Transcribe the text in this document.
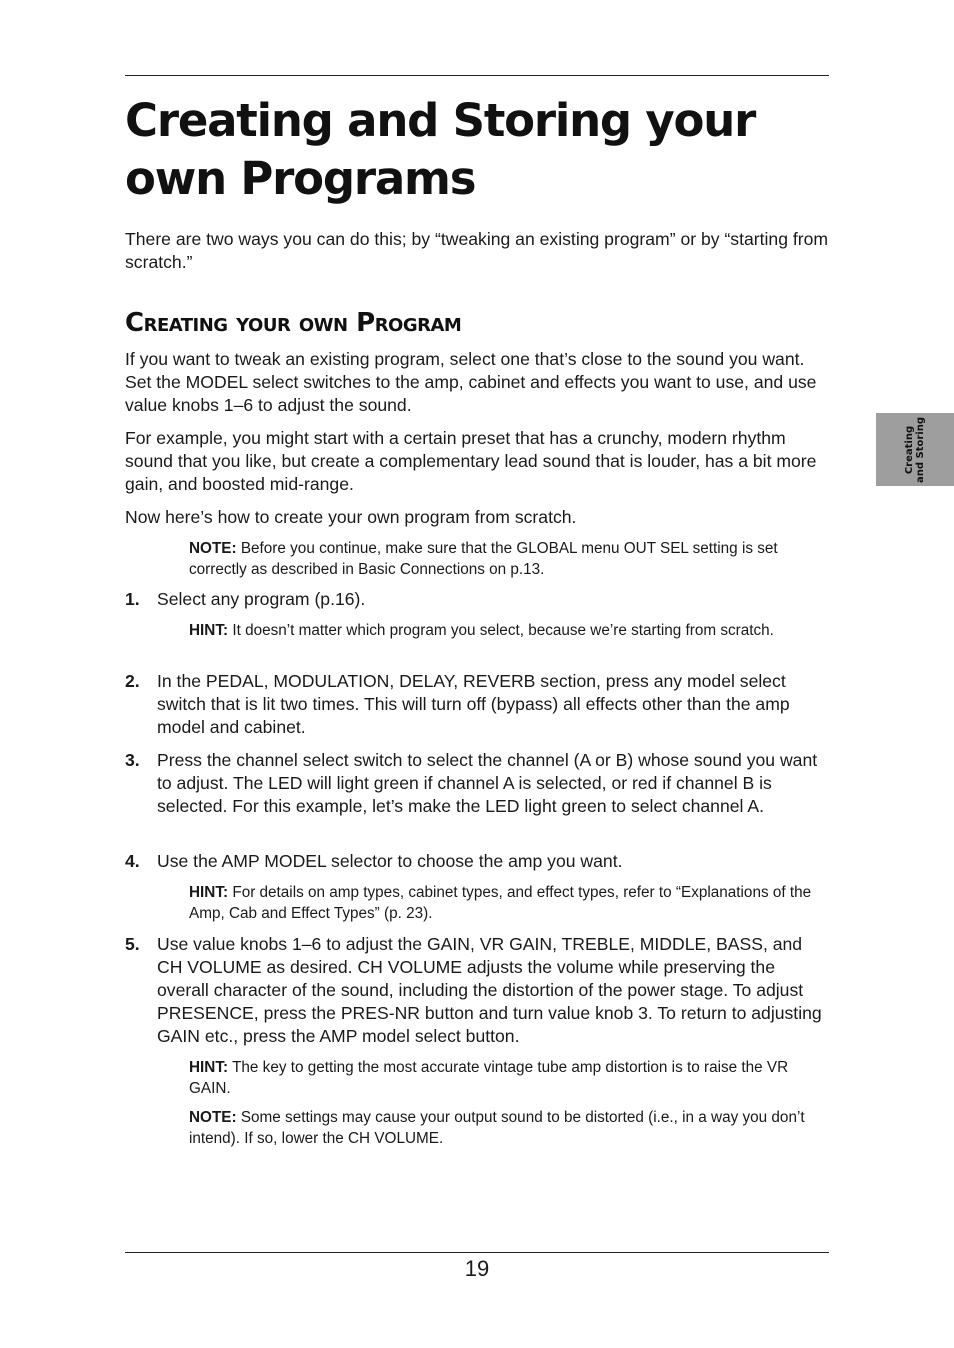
Creating and Storing your own Programs

There are two ways you can do this; by “tweaking an existing program” or by “starting from scratch.”

Creating your own Program

If you want to tweak an existing program, select one that’s close to the sound you want. Set the MODEL select switches to the amp, cabinet and effects you want to use, and use value knobs 1–6 to adjust the sound.

For example, you might start with a certain preset that has a crunchy, modern rhythm sound that you like, but create a complementary lead sound that is louder, has a bit more gain, and boosted mid-range.

Now here’s how to create your own program from scratch.

NOTE: Before you continue, make sure that the GLOBAL menu OUT SEL setting is set correctly as described in Basic Connections on p.13.

1. Select any program (p.16).

HINT: It doesn’t matter which program you select, because we’re starting from scratch.

2. In the PEDAL, MODULATION, DELAY, REVERB section, press any model select switch that is lit two times. This will turn off (bypass) all effects other than the amp model and cabinet.

3. Press the channel select switch to select the channel (A or B) whose sound you want to adjust. The LED will light green if channel A is selected, or red if channel B is selected. For this example, let’s make the LED light green to select channel A.

4. Use the AMP MODEL selector to choose the amp you want.

HINT: For details on amp types, cabinet types, and effect types, refer to “Explanations of the Amp, Cab and Effect Types” (p. 23).

5. Use value knobs 1–6 to adjust the GAIN, VR GAIN, TREBLE, MIDDLE, BASS, and CH VOLUME as desired. CH VOLUME adjusts the volume while preserving the overall character of the sound, including the distortion of the power stage. To adjust PRESENCE, press the PRES-NR button and turn value knob 3. To return to adjusting GAIN etc., press the AMP model select button.

HINT: The key to getting the most accurate vintage tube amp distortion is to raise the VR GAIN.

NOTE: Some settings may cause your output sound to be distorted (i.e., in a way you don’t intend). If so, lower the CH VOLUME.

Creating and Storing

19
